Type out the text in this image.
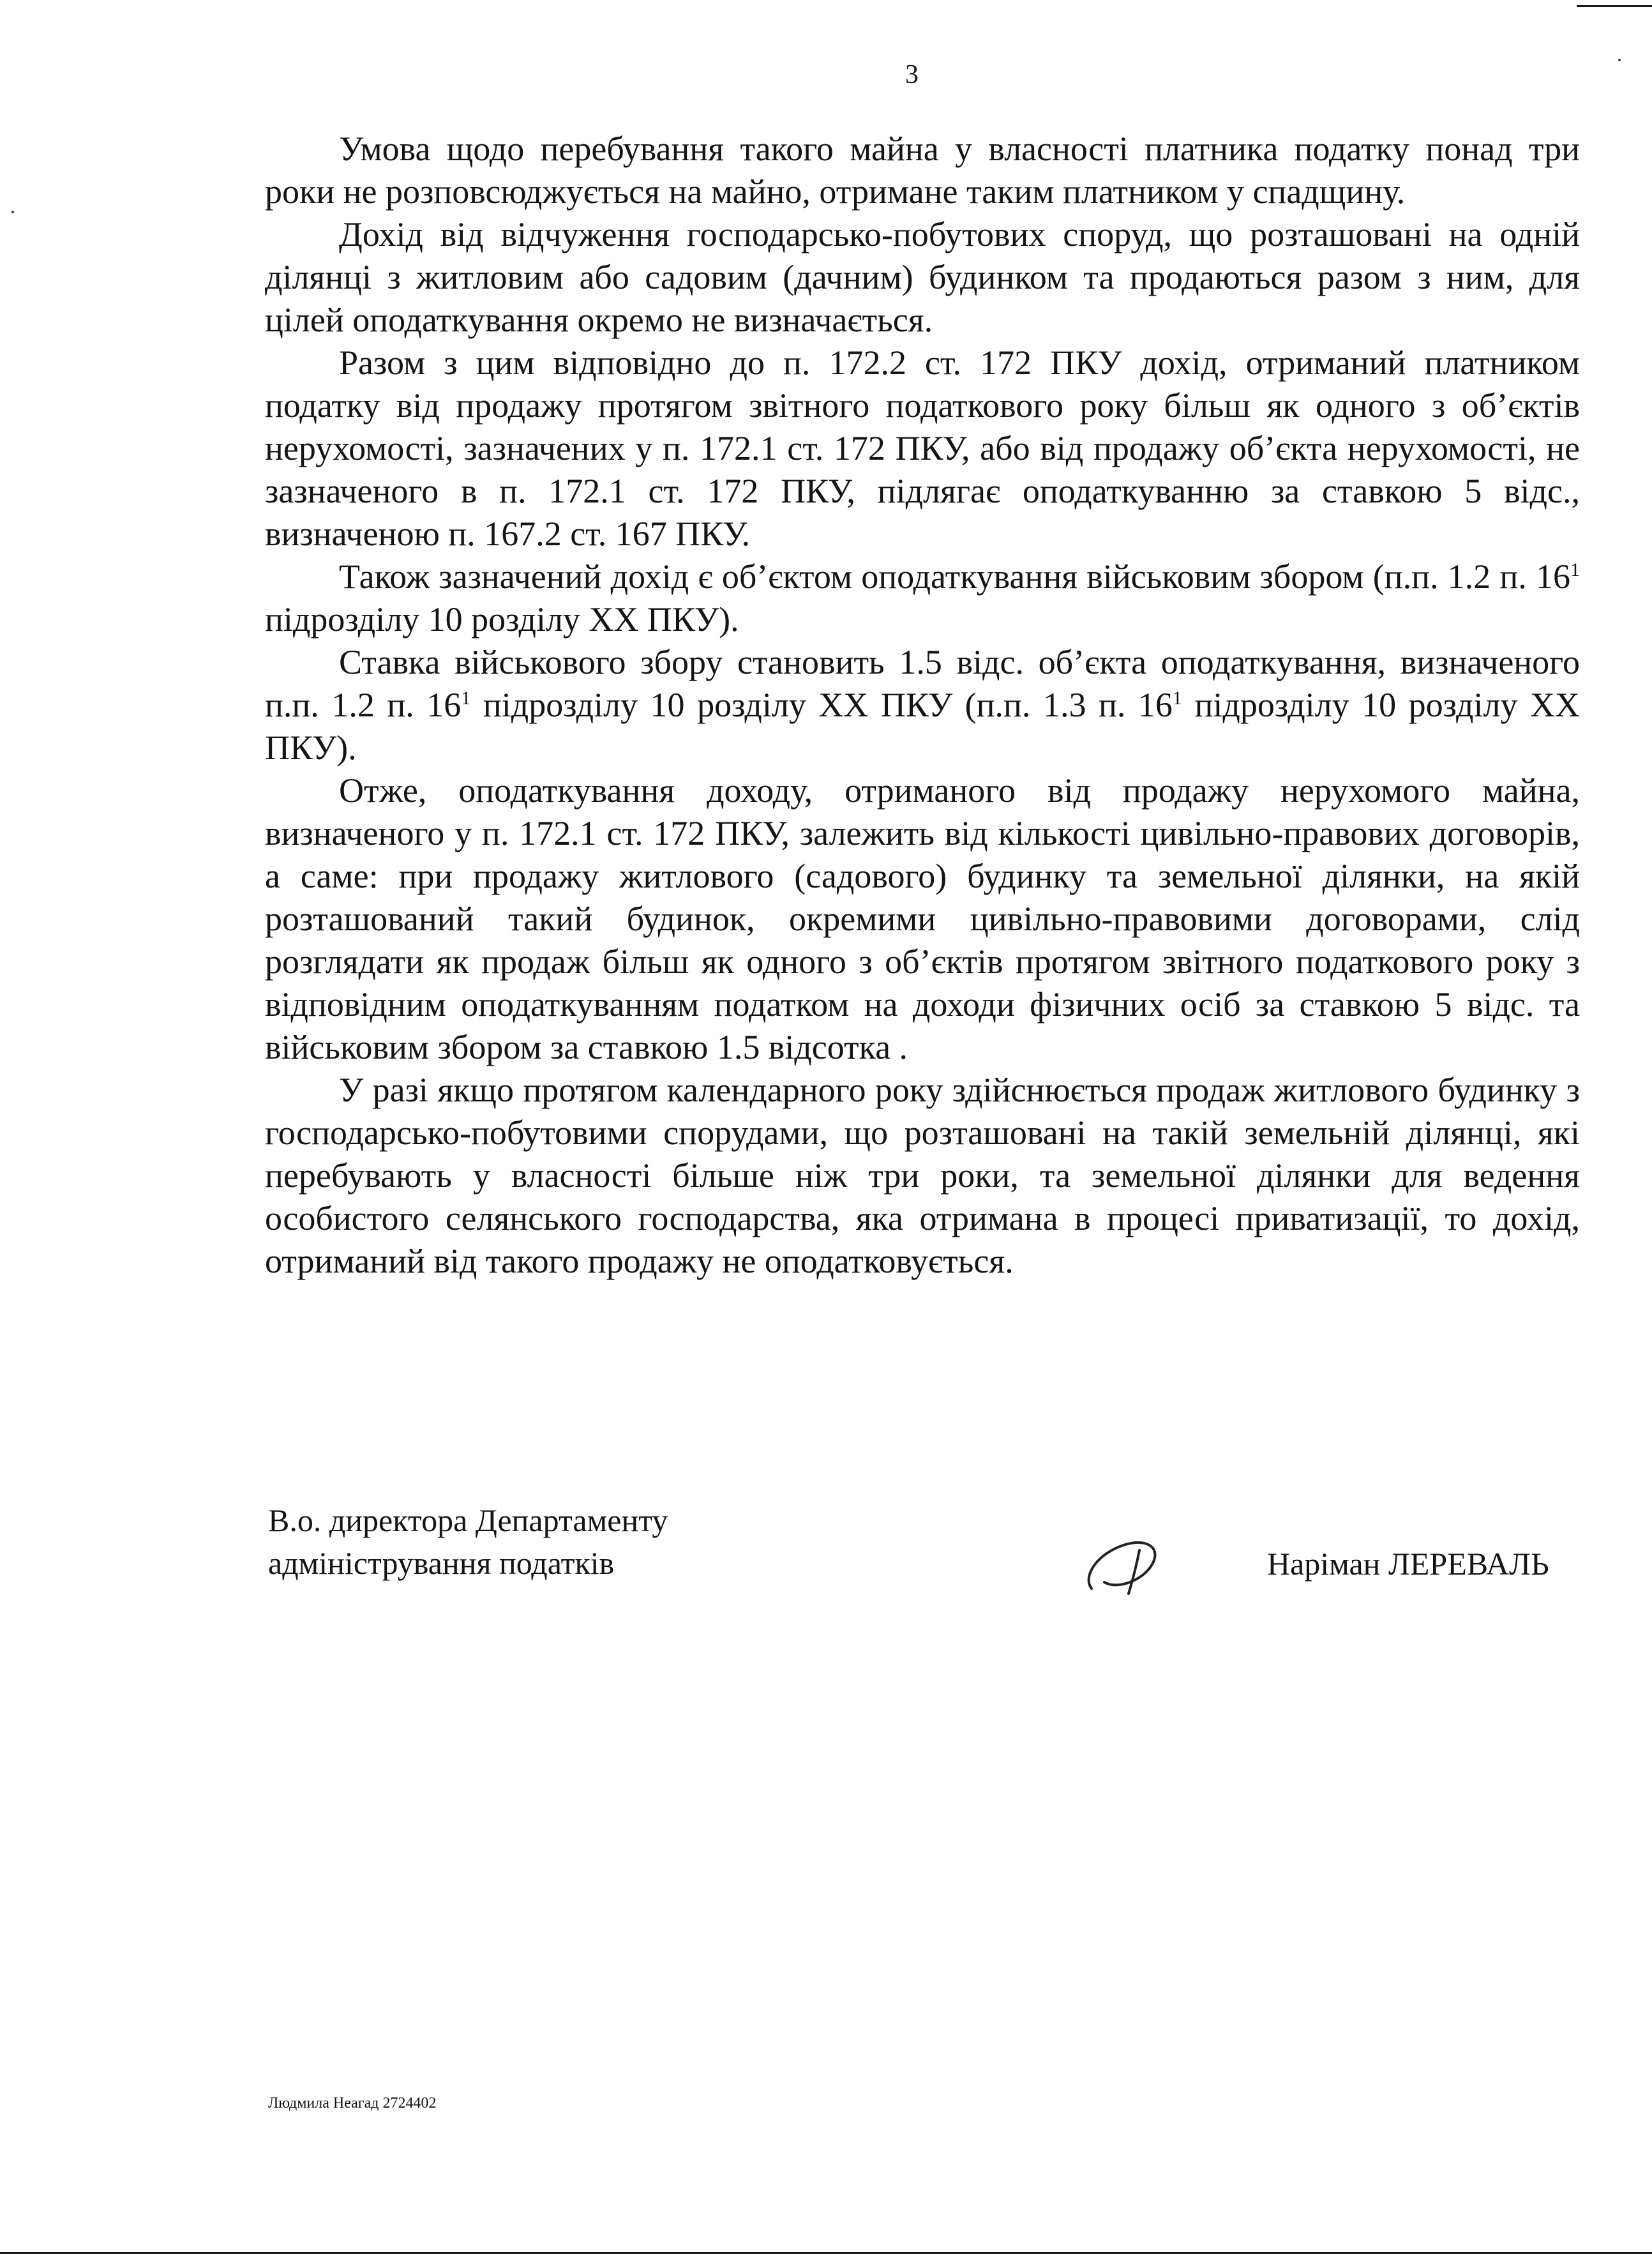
3

Умова щодо перебування такого майна у власності платника податку понад три роки не розповсюджується на майно, отримане таким платником у спадщину.

Дохід від відчуження господарсько-побутових споруд, що розташовані на одній ділянці з житловим або садовим (дачним) будинком та продаються разом з ним, для цілей оподаткування окремо не визначається.

Разом з цим відповідно до п. 172.2 ст. 172 ПКУ дохід, отриманий платником податку від продажу протягом звітного податкового року більш як одного з об’єктів нерухомості, зазначених у п. 172.1 ст. 172 ПКУ, або від продажу об’єкта нерухомості, не зазначеного в п. 172.1 ст. 172 ПКУ, підлягає оподаткуванню за ставкою 5 відс., визначеною п. 167.2 ст. 167 ПКУ.

Також зазначений дохід є об’єктом оподаткування військовим збором (п.п. 1.2 п. $16^1$ підрозділу 10 розділу XX ПКУ).

Ставка військового збору становить 1.5 відс. об’єкта оподаткування, визначеного п.п. 1.2 п. $16^1$ підрозділу 10 розділу XX ПКУ (п.п. 1.3 п. $16^1$ підрозділу 10 розділу XX ПКУ).

Отже, оподаткування доходу, отриманого від продажу нерухомого майна, визначеного у п. 172.1 ст. 172 ПКУ, залежить від кількості цивільно-правових договорів, а саме: при продажу житлового (садового) будинку та земельної ділянки, на якій розташований такий будинок, окремими цивільно-правовими договорами, слід розглядати як продаж більш як одного з об’єктів протягом звітного податкового року з відповідним оподаткуванням податком на доходи фізичних осіб за ставкою 5 відс. та військовим збором за ставкою 1.5 відсотка .

У разі якщо протягом календарного року здійснюється продаж житлового будинку з господарсько-побутовими спорудами, що розташовані на такій земельній ділянці, які перебувають у власності більше ніж три роки, та земельної ділянки для ведення особистого селянського господарства, яка отримана в процесі приватизації, то дохід, отриманий від такого продажу не оподатковується.

В.о. директора Департаменту
адміністрування податків	Наріман ЛЕРЕВАЛЬ
Людмила Неагад 2724402
